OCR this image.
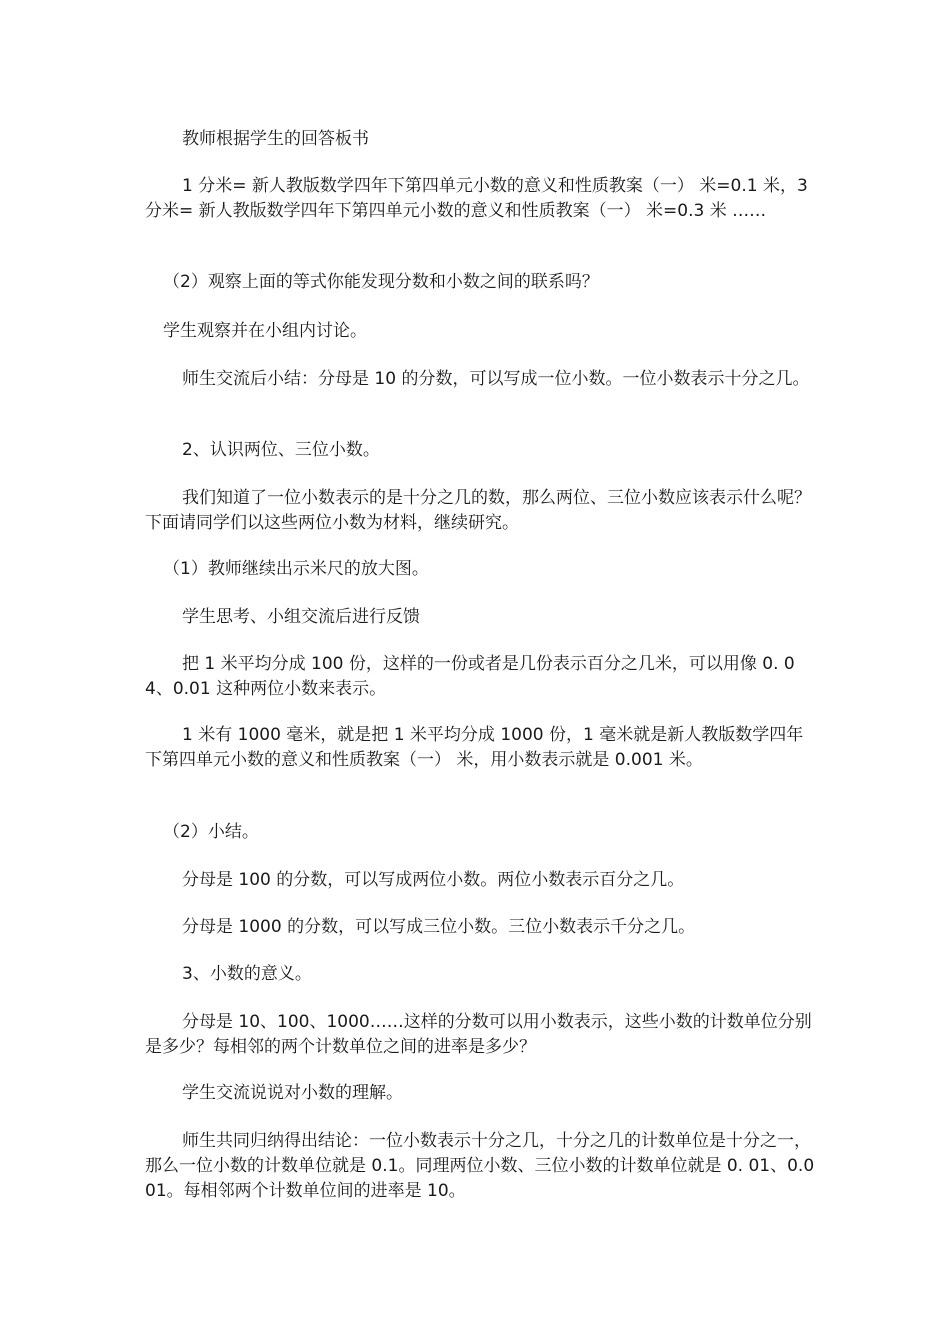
教师根据学生的回答板书

1 分米= 新人教版数学四年下第四单元小数的意义和性质教案（一） 米=0.1 米，3 分米= 新人教版数学四年下第四单元小数的意义和性质教案（一） 米=0.3 米 ……

（2）观察上面的等式你能发现分数和小数之间的联系吗？

学生观察并在小组内讨论。

师生交流后小结：分母是 10 的分数，可以写成一位小数。一位小数表示十分之几。

2、认识两位、三位小数。

我们知道了一位小数表示的是十分之几的数，那么两位、三位小数应该表示什么呢？下面请同学们以这些两位小数为材料，继续研究。

（1）教师继续出示米尺的放大图。

学生思考、小组交流后进行反馈

把 1 米平均分成 100 份，这样的一份或者是几份表示百分之几米，可以用像 0. 04、0.01 这种两位小数来表示。

1 米有 1000 毫米，就是把 1 米平均分成 1000 份，1 毫米就是新人教版数学四年下第四单元小数的意义和性质教案（一） 米，用小数表示就是 0.001 米。

（2）小结。

分母是 100 的分数，可以写成两位小数。两位小数表示百分之几。

分母是 1000 的分数，可以写成三位小数。三位小数表示千分之几。

3、小数的意义。

分母是 10、100、1000……这样的分数可以用小数表示，这些小数的计数单位分别是多少？每相邻的两个计数单位之间的进率是多少？

学生交流说说对小数的理解。

师生共同归纳得出结论：一位小数表示十分之几，十分之几的计数单位是十分之一，那么一位小数的计数单位就是 0.1。同理两位小数、三位小数的计数单位就是 0. 01、0.001。每相邻两个计数单位间的进率是 10。
